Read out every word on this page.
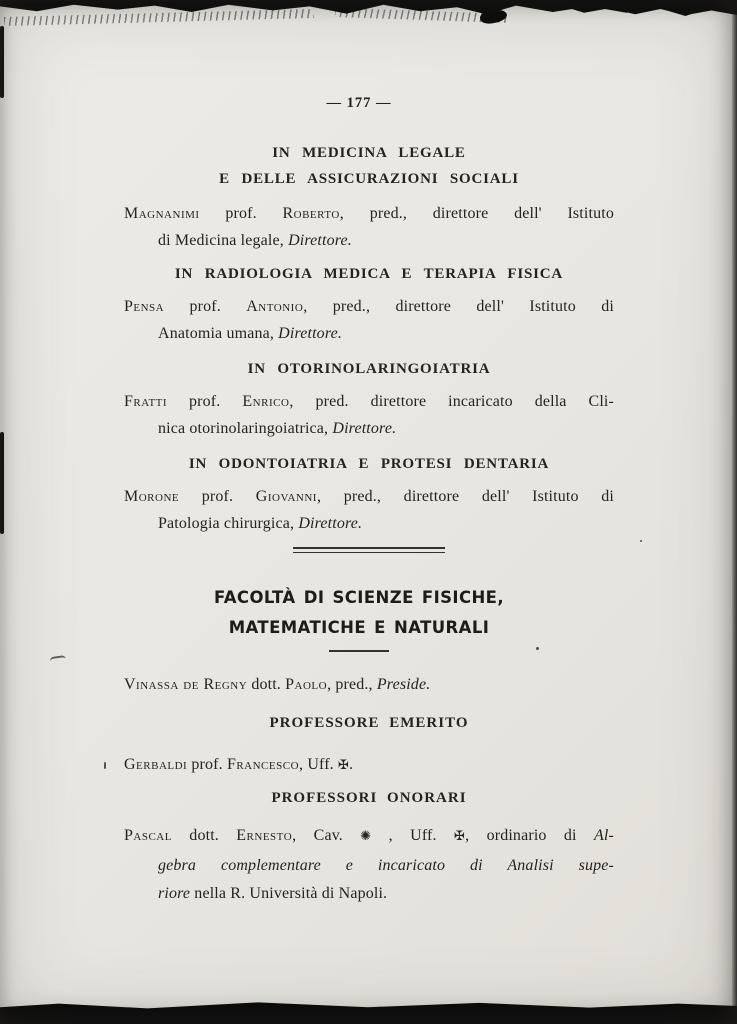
— 177 —
IN MEDICINA LEGALE
E DELLE ASSICURAZIONI SOCIALI

Magnanimi prof. Roberto, pred., direttore dell' Istituto
di Medicina legale, Direttore.

IN RADIOLOGIA MEDICA E TERAPIA FISICA

Pensa prof. Antonio, pred., direttore dell' Istituto di
Anatomia umana, Direttore.

IN OTORINOLARINGOIATRIA

Fratti prof. Enrico, pred. direttore incaricato della Cli-
nica otorinolaringoiatrica, Direttore.

IN ODONTOIATRIA E PROTESI DENTARIA

Morone prof. Giovanni, pred., direttore dell' Istituto di
Patologia chirurgica, Direttore.

FACOLTÀ DI SCIENZE FISICHE,
MATEMATICHE E NATURALI

Vinassa de Regny dott. Paolo, pred., Preside.

PROFESSORE EMERITO

Gerbaldi prof. Francesco, Uff. ✠.

PROFESSORI ONORARI

Pascal dott. Ernesto, Cav. ✺ , Uff. ✠, ordinario di Al-
gebra complementare e incaricato di Analisi supe-
riore nella R. Università di Napoli.
